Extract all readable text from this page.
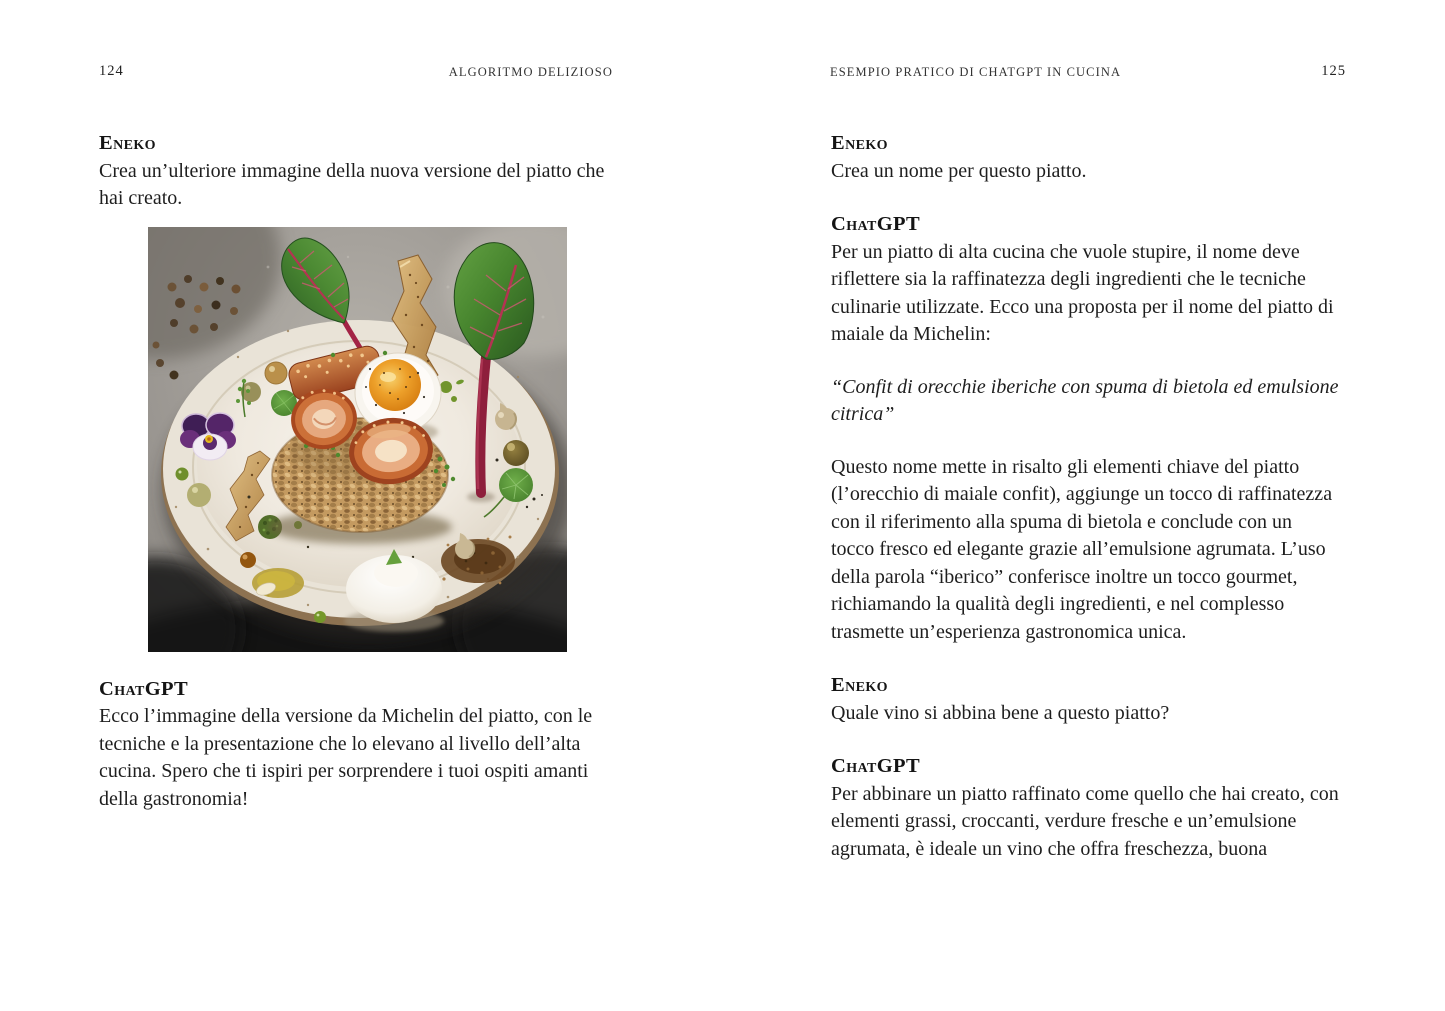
124	ALGORITMO DELIZIOSO

Eneko

Crea un’ulteriore immagine della nuova versione del piatto che hai creato.

ChatGPT

Ecco l’immagine della versione da Michelin del piatto, con le tecniche e la presentazione che lo elevano al livello dell’alta cucina. Spero che ti ispiri per sorprendere i tuoi ospiti amanti della gastronomia!

ESEMPIO PRATICO DI CHATGPT IN CUCINA	125

Eneko

Crea un nome per questo piatto.

ChatGPT

Per un piatto di alta cucina che vuole stupire, il nome deve riflettere sia la raffinatezza degli ingredienti che le tecniche culinarie utilizzate. Ecco una proposta per il nome del piatto di maiale da Michelin:

“Confit di orecchie iberiche con spuma di bietola ed emulsione citrica”

Questo nome mette in risalto gli elementi chiave del piatto (l’orecchio di maiale confit), aggiunge un tocco di raffinatezza con il riferimento alla spuma di bietola e conclude con un tocco fresco ed elegante grazie all’emulsione agrumata. L’uso della parola “iberico” conferisce inoltre un tocco gourmet, richiamando la qualità degli ingredienti, e nel complesso trasmette un’esperienza gastronomica unica.

Eneko

Quale vino si abbina bene a questo piatto?

ChatGPT

Per abbinare un piatto raffinato come quello che hai creato, con elementi grassi, croccanti, verdure fresche e un’emulsione agrumata, è ideale un vino che offra freschezza, buona
